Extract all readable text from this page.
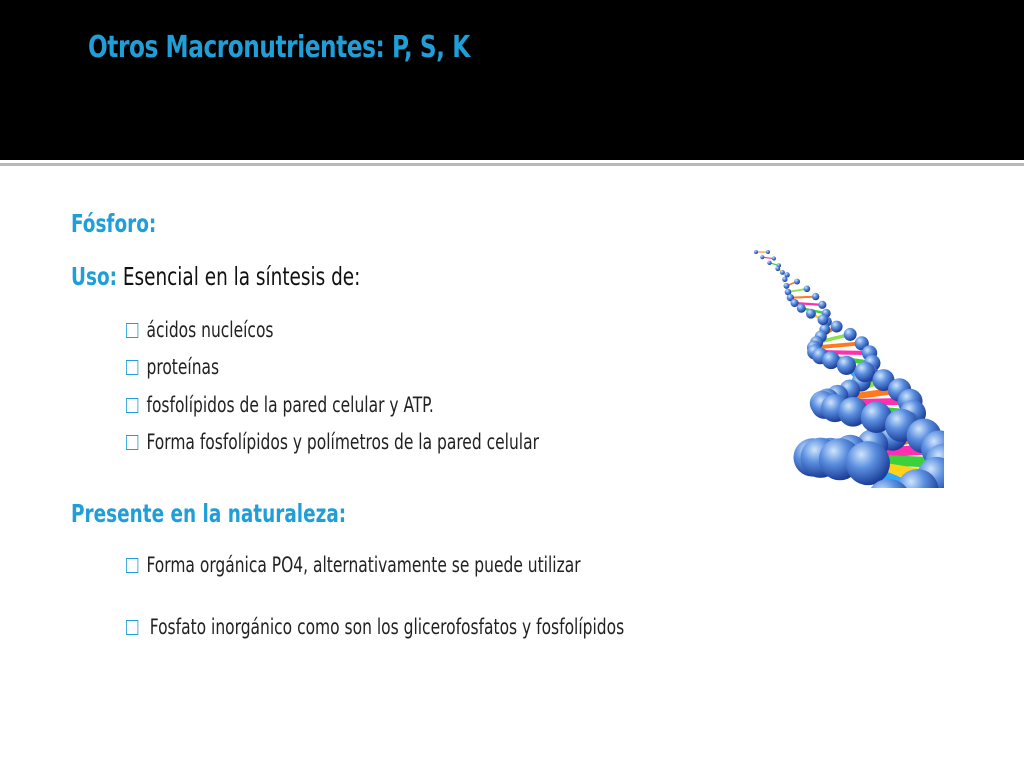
Otros Macronutrientes: P, S, K
Fósforo:
Uso: Esencial en la síntesis de:
ácidos nucleícos
proteínas
fosfolípidos de la pared celular y ATP.
Forma fosfolípidos y polímetros de la pared celular
Presente en la naturaleza:
Forma orgánica PO4, alternativamente se puede utilizar
Fosfato inorgánico como son los glicerofosfatos y fosfolípidos
